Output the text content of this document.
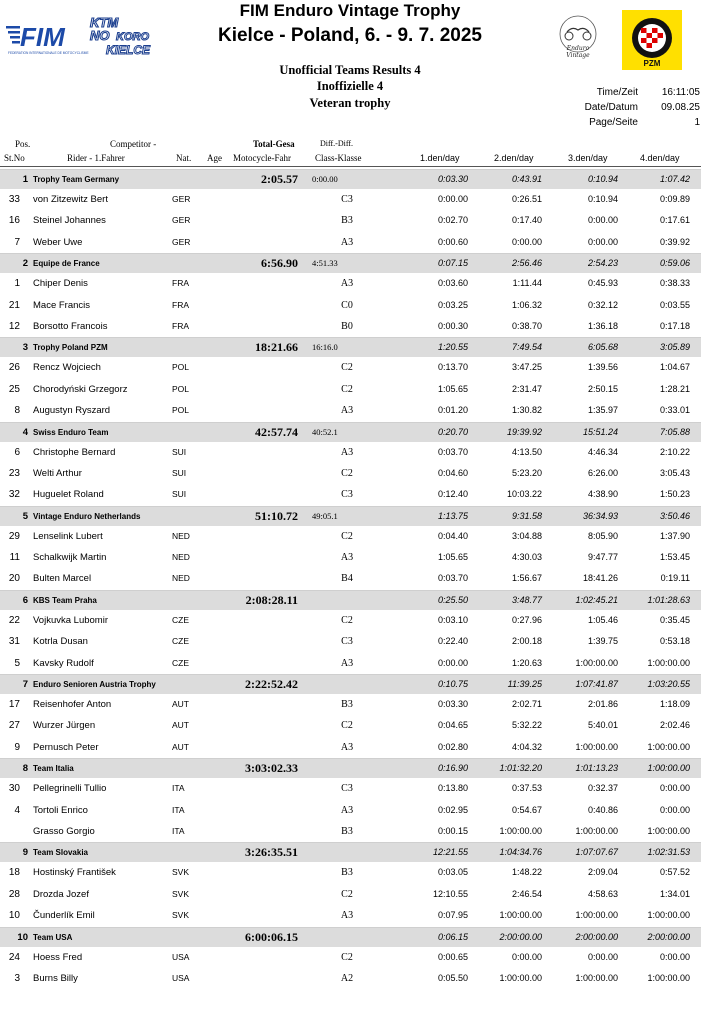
FIM
FEDERATION INTERNATIONALE DE MOTOCYCLISME
KTM
NO KORO
KIELCE
FIM Enduro Vintage Trophy
Kielce - Poland, 6. - 9. 7. 2025
Enduro
Vintage
PZM
Unofficial Teams Results 4
Inoffizielle 4
Veteran trophy
Time/Zeit	16:11:05
Date/Datum	09.08.25
Page/Seite	1
Pos.
St.No
Competitor -
Rider - 1.Fahrer	Nat. Age
Total-Gesa
Motocycle-Fahr
Diff.-Diff.
Class-Klasse	1.den/day	2.den/day	3.den/day	4.den/day
1 Trophy Team Germany	2:05.57 0:00.00	0:03.30	0:43.91	0:10.94	1:07.42
33 von Zitzewitz Bert	GER	C3	0:00.00	0:26.51	0:10.94	0:09.89
16 Steinel Johannes	GER	B3	0:02.70	0:17.40	0:00.00	0:17.61
7 Weber Uwe	GER	A3	0:00.60	0:00.00	0:00.00	0:39.92
2 Equipe de France	6:56.90 4:51.33	0:07.15	2:56.46	2:54.23	0:59.06
1 Chiper Denis	FRA	A3	0:03.60	1:11.44	0:45.93	0:38.33
21 Mace Francis	FRA	C0	0:03.25	1:06.32	0:32.12	0:03.55
12 Borsotto Francois	FRA	B0	0:00.30	0:38.70	1:36.18	0:17.18
3 Trophy Poland PZM	18:21.66 16:16.0	1:20.55	7:49.54	6:05.68	3:05.89
26 Rencz Wojciech	POL	C2	0:13.70	3:47.25	1:39.56	1:04.67
25 Chorodyński Grzegorz	POL	C2	1:05.65	2:31.47	2:50.15	1:28.21
8 Augustyn Ryszard	POL	A3	0:01.20	1:30.82	1:35.97	0:33.01
4 Swiss Enduro Team	42:57.74 40:52.1	0:20.70	19:39.92	15:51.24	7:05.88
6 Christophe Bernard	SUI	A3	0:03.70	4:13.50	4:46.34	2:10.22
23 Welti Arthur	SUI	C2	0:04.60	5:23.20	6:26.00	3:05.43
32 Huguelet Roland	SUI	C3	0:12.40	10:03.22	4:38.90	1:50.23
5 Vintage Enduro Netherlands	51:10.72 49:05.1	1:13.75	9:31.58	36:34.93	3:50.46
29 Lenselink Lubert	NED	C2	0:04.40	3:04.88	8:05.90	1:37.90
11 Schalkwijk Martin	NED	A3	1:05.65	4:30.03	9:47.77	1:53.45
20 Bulten Marcel	NED	B4	0:03.70	1:56.67	18:41.26	0:19.11
6 KBS Team Praha	2:08:28.11	0:25.50	3:48.77	1:02:45.21	1:01:28.63
22 Vojkuvka Lubomir	CZE	C2	0:03.10	0:27.96	1:05.46	0:35.45
31 Kotrla Dusan	CZE	C3	0:22.40	2:00.18	1:39.75	0:53.18
5 Kavsky Rudolf	CZE	A3	0:00.00	1:20.63	1:00:00.00	1:00:00.00
7 Enduro Senioren Austria Trophy	2:22:52.42	0:10.75	11:39.25	1:07:41.87	1:03:20.55
17 Reisenhofer Anton	AUT	B3	0:03.30	2:02.71	2:01.86	1:18.09
27 Wurzer Jürgen	AUT	C2	0:04.65	5:32.22	5:40.01	2:02.46
9 Pernusch Peter	AUT	A3	0:02.80	4:04.32	1:00:00.00	1:00:00.00
8 Team Italia	3:03:02.33	0:16.90	1:01:32.20	1:01:13.23	1:00:00.00
30 Pellegrinelli Tullio	ITA	C3	0:13.80	0:37.53	0:32.37	0:00.00
4 Tortoli Enrico	ITA	A3	0:02.95	0:54.67	0:40.86	0:00.00
Grasso Gorgio	ITA	B3	0:00.15	1:00:00.00	1:00:00.00	1:00:00.00
9 Team Slovakia	3:26:35.51	12:21.55	1:04:34.76	1:07:07.67	1:02:31.53
18 Hostinský František	SVK	B3	0:03.05	1:48.22	2:09.04	0:57.52
28 Drozda Jozef	SVK	C2	12:10.55	2:46.54	4:58.63	1:34.01
10 Čunderlík Emil	SVK	A3	0:07.95	1:00:00.00	1:00:00.00	1:00:00.00
10 Team USA	6:00:06.15	0:06.15	2:00:00.00	2:00:00.00	2:00:00.00
24 Hoess Fred	USA	C2	0:00.65	0:00.00	0:00.00	0:00.00
3 Burns Billy	USA	A2	0:05.50	1:00:00.00	1:00:00.00	1:00:00.00
